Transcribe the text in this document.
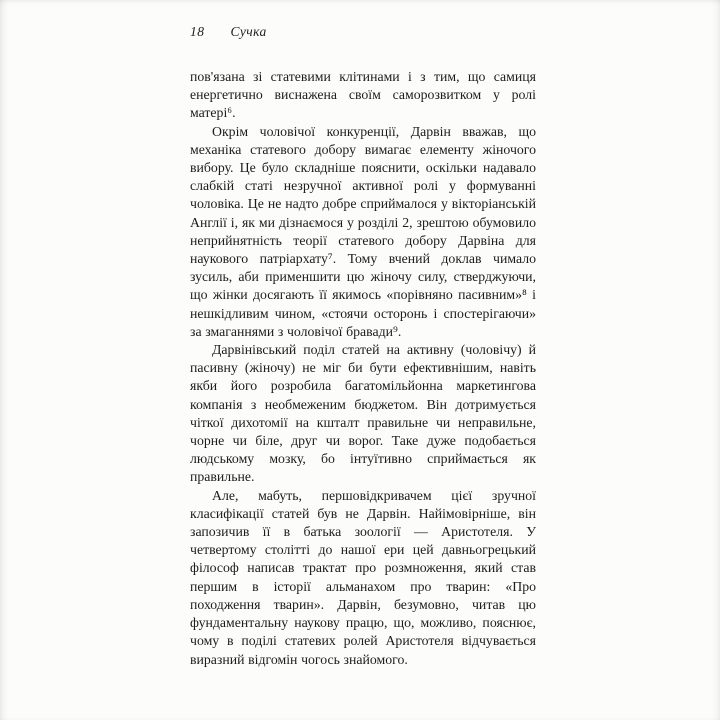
18 Сучка

пов'язана зі статевими клітинами і з тим, що самиця енергетично виснажена своїм саморозвитком у ролі матері⁶.

Окрім чоловічої конкуренції, Дарвін вважав, що механіка статевого добору вимагає елементу жіночого вибору. Це було складніше пояснити, оскільки надавало слабкій статі незручної активної ролі у формуванні чоловіка. Це не надто добре сприймалося у вікторіанській Англії і, як ми дізнаємося у розділі 2, зрештою обумовило неприйнятність теорії статевого добору Дарвіна для наукового патріархату⁷. Тому вчений доклав чимало зусиль, аби применшити цю жіночу силу, стверджуючи, що жінки досягають її якимось «порівняно пасивним»⁸ і нешкідливим чином, «стоячи осторонь і спостерігаючи» за змаганнями з чоловічої бравади⁹.

Дарвінівський поділ статей на активну (чоловічу) й пасивну (жіночу) не міг би бути ефективнішим, навіть якби його розробила багатомільйонна маркетингова компанія з необмеженим бюджетом. Він дотримується чіткої дихотомії на кшталт правильне чи неправильне, чорне чи біле, друг чи ворог. Таке дуже подобається людському мозку, бо інтуїтивно сприймається як правильне.

Але, мабуть, першовідкривачем цієї зручної класифікації статей був не Дарвін. Найімовірніше, він запозичив її в батька зоології — Аристотеля. У четвертому столітті до нашої ери цей давньогрецький філософ написав трактат про розмноження, який став першим в історії альманахом про тварин: «Про походження тварин». Дарвін, безумовно, читав цю фундаментальну наукову працю, що, можливо, пояснює, чому в поділі статевих ролей Аристотеля відчувається виразний відгомін чогось знайомого.
